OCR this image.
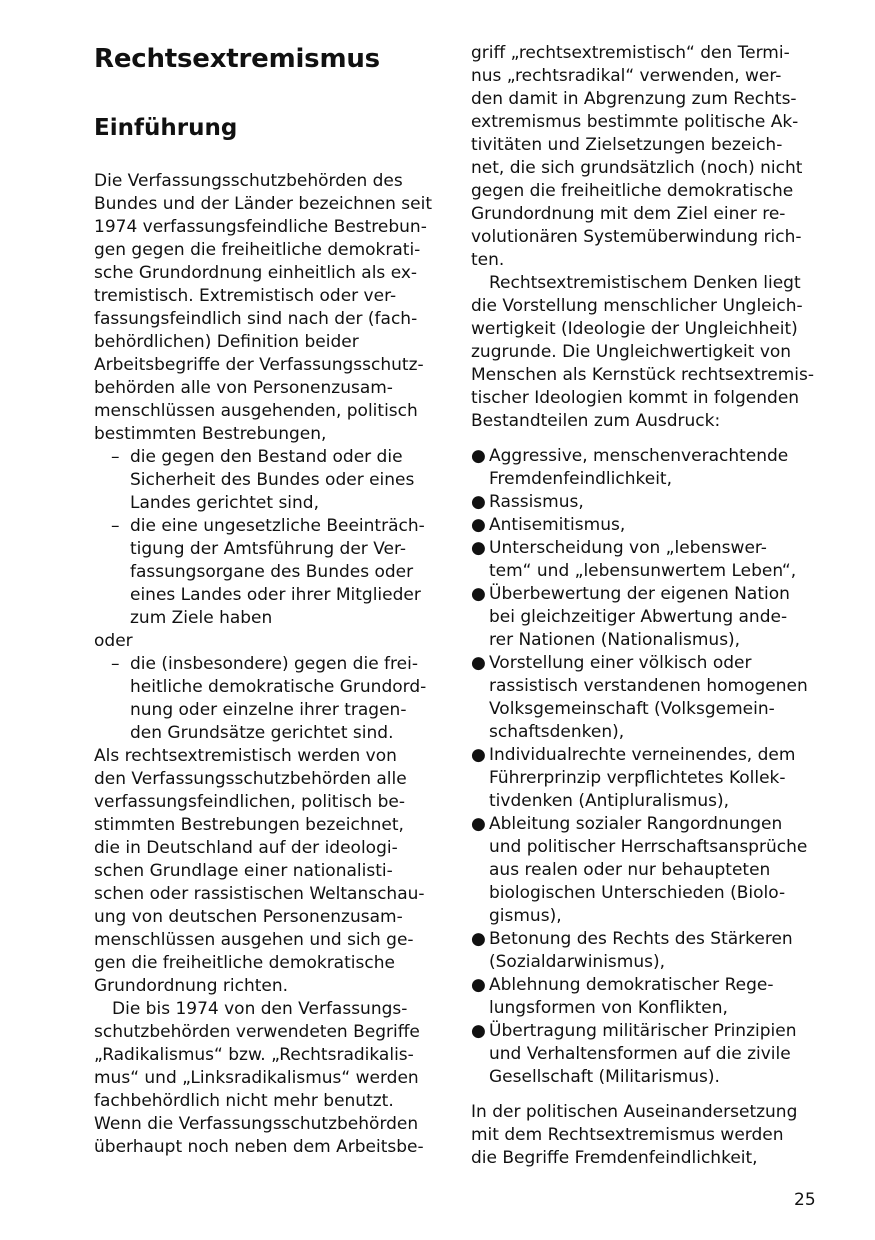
Rechtsextremismus
Einführung
Die Verfassungsschutzbehörden des
Bundes und der Länder bezeichnen seit
1974 verfassungsfeindliche Bestrebun-
gen gegen die freiheitliche demokrati-
sche Grundordnung einheitlich als ex-
tremistisch. Extremistisch oder ver-
fassungsfeindlich sind nach der (fach-
behördlichen) Definition beider
Arbeitsbegriffe der Verfassungsschutz-
behörden alle von Personenzusam-
menschlüssen ausgehenden, politisch
bestimmten Bestrebungen,
– die gegen den Bestand oder die
Sicherheit des Bundes oder eines
Landes gerichtet sind,
– die eine ungesetzliche Beeinträch-
tigung der Amtsführung der Ver-
fassungsorgane des Bundes oder
eines Landes oder ihrer Mitglieder
zum Ziele haben
oder
– die (insbesondere) gegen die frei-
heitliche demokratische Grundord-
nung oder einzelne ihrer tragen-
den Grundsätze gerichtet sind.
Als rechtsextremistisch werden von
den Verfassungsschutzbehörden alle
verfassungsfeindlichen, politisch be-
stimmten Bestrebungen bezeichnet,
die in Deutschland auf der ideologi-
schen Grundlage einer nationalisti-
schen oder rassistischen Weltanschau-
ung von deutschen Personenzusam-
menschlüssen ausgehen und sich ge-
gen die freiheitliche demokratische
Grundordnung richten.
Die bis 1974 von den Verfassungs-
schutzbehörden verwendeten Begriffe
„Radikalismus“ bzw. „Rechtsradikalis-
mus“ und „Linksradikalismus“ werden
fachbehördlich nicht mehr benutzt.
Wenn die Verfassungsschutzbehörden
überhaupt noch neben dem Arbeitsbe-
griff „rechtsextremistisch“ den Termi-
nus „rechtsradikal“ verwenden, wer-
den damit in Abgrenzung zum Rechts-
extremismus bestimmte politische Ak-
tivitäten und Zielsetzungen bezeich-
net, die sich grundsätzlich (noch) nicht
gegen die freiheitliche demokratische
Grundordnung mit dem Ziel einer re-
volutionären Systemüberwindung rich-
ten.
Rechtsextremistischem Denken liegt
die Vorstellung menschlicher Ungleich-
wertigkeit (Ideologie der Ungleichheit)
zugrunde. Die Ungleichwertigkeit von
Menschen als Kernstück rechtsextremis-
tischer Ideologien kommt in folgenden
Bestandteilen zum Ausdruck:
● Aggressive, menschenverachtende
Fremdenfeindlichkeit,
● Rassismus,
● Antisemitismus,
● Unterscheidung von „lebenswer-
tem“ und „lebensunwertem Leben“,
● Überbewertung der eigenen Nation
bei gleichzeitiger Abwertung ande-
rer Nationen (Nationalismus),
● Vorstellung einer völkisch oder
rassistisch verstandenen homogenen
Volksgemeinschaft (Volksgemein-
schaftsdenken),
● Individualrechte verneinendes, dem
Führerprinzip verpflichtetes Kollek-
tivdenken (Antipluralismus),
● Ableitung sozialer Rangordnungen
und politischer Herrschaftsansprüche
aus realen oder nur behaupteten
biologischen Unterschieden (Biolo-
gismus),
● Betonung des Rechts des Stärkeren
(Sozialdarwinismus),
● Ablehnung demokratischer Rege-
lungsformen von Konflikten,
● Übertragung militärischer Prinzipien
und Verhaltensformen auf die zivile
Gesellschaft (Militarismus).
In der politischen Auseinandersetzung
mit dem Rechtsextremismus werden
die Begriffe Fremdenfeindlichkeit,
25
